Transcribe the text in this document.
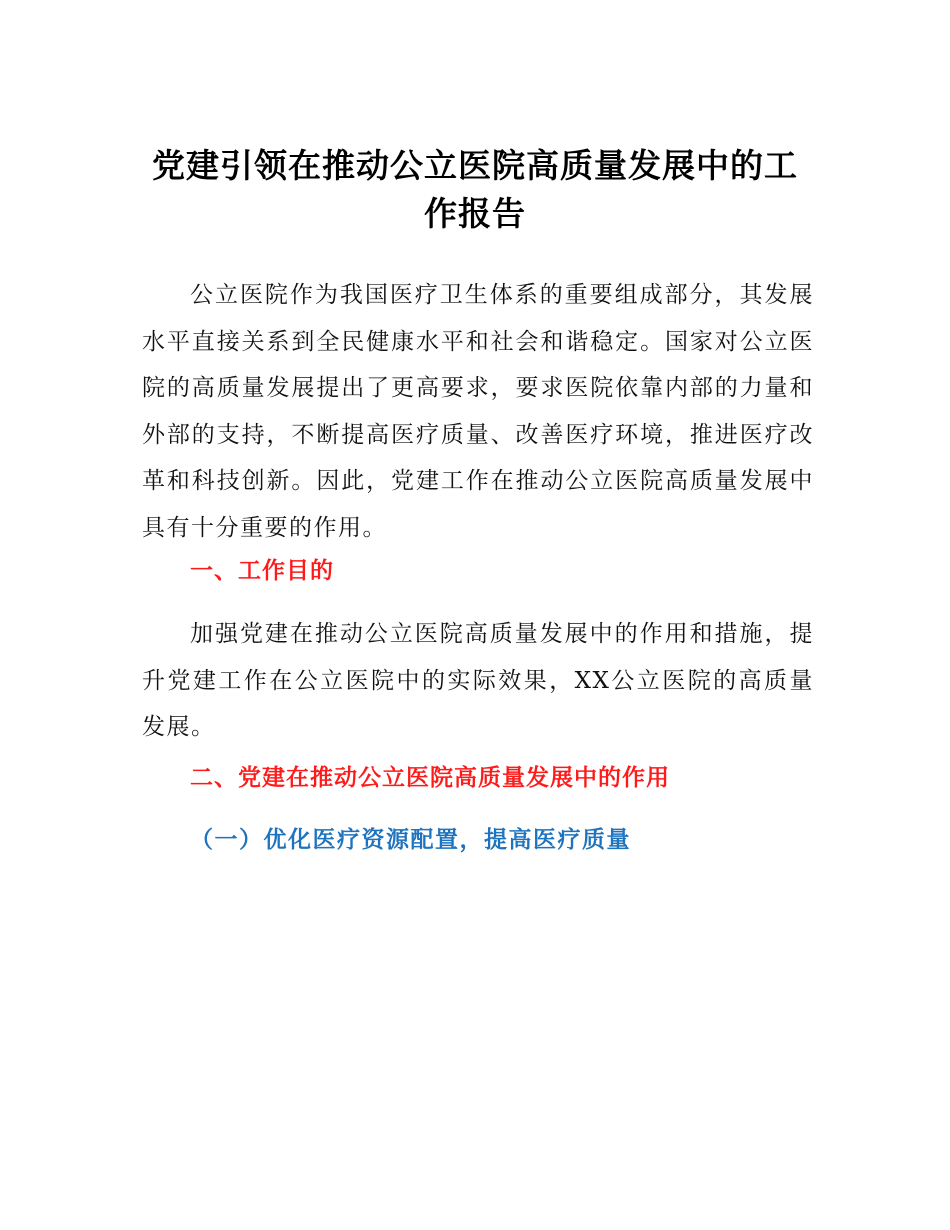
党建引领在推动公立医院高质量发展中的工作报告

公立医院作为我国医疗卫生体系的重要组成部分，其发展水平直接关系到全民健康水平和社会和谐稳定。国家对公立医院的高质量发展提出了更高要求，要求医院依靠内部的力量和外部的支持，不断提高医疗质量、改善医疗环境，推进医疗改革和科技创新。因此，党建工作在推动公立医院高质量发展中具有十分重要的作用。

一、工作目的

加强党建在推动公立医院高质量发展中的作用和措施，提升党建工作在公立医院中的实际效果，XX公立医院的高质量发展。

二、党建在推动公立医院高质量发展中的作用
（一）优化医疗资源配置，提高医疗质量
